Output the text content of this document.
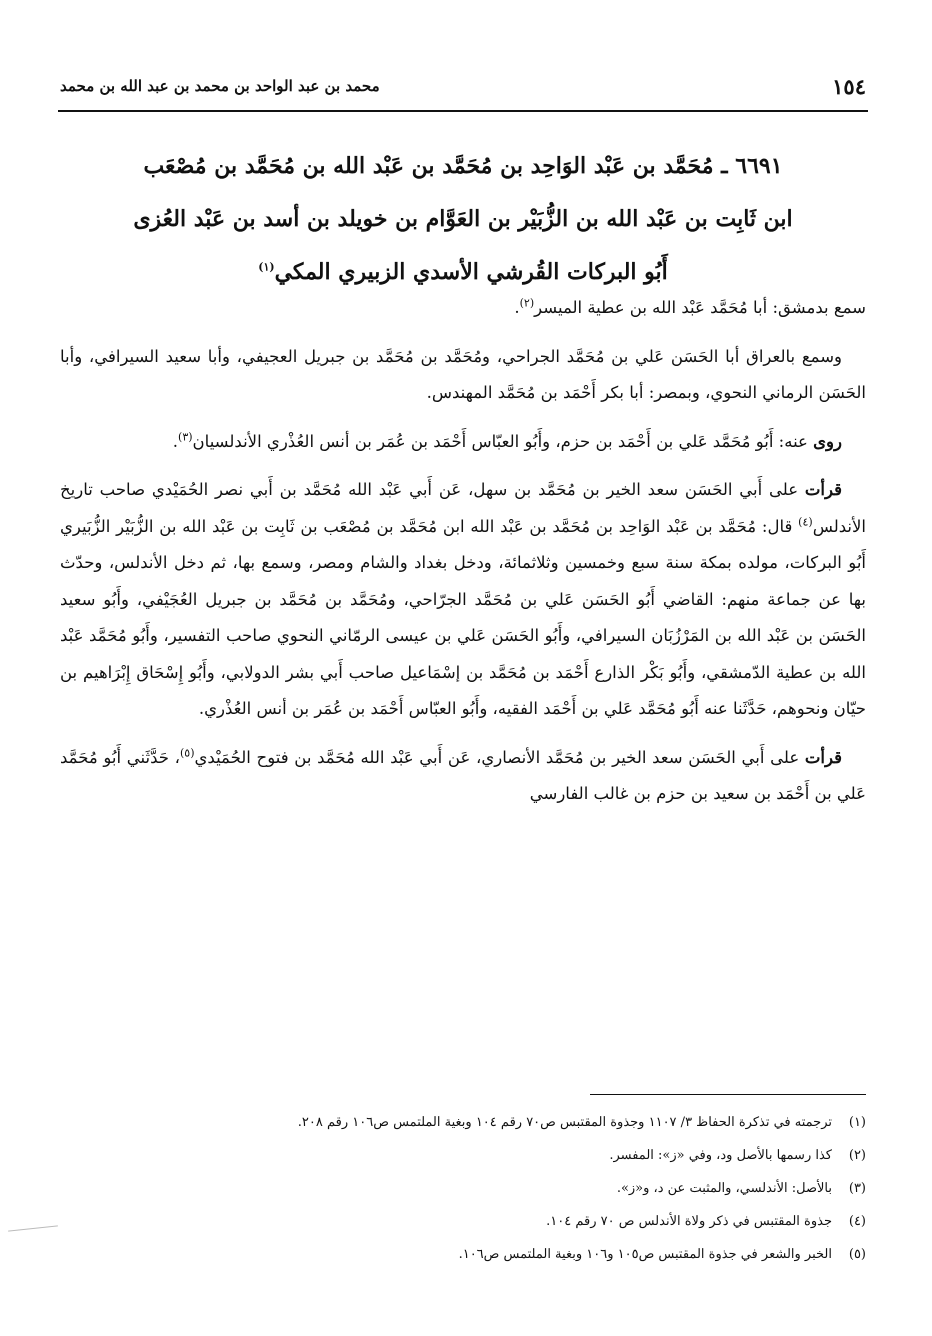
١٥٤
محمد بن عبد الواحد بن محمد بن عبد الله بن محمد
٦٦٩١ ـ مُحَمَّد بن عَبْد الوَاحِد بن مُحَمَّد بن عَبْد الله بن مُحَمَّد بن مُصْعَب
ابن ثَابِت بن عَبْد الله بن الزُّبَيْر بن العَوَّام بن خويلد بن أسد بن عَبْد العُزى
أَبُو البركات القُرشي الأسدي الزبيري المكي$^{(١)}$

سمع بدمشق: أبا مُحَمَّد عَبْد الله بن عطية الميسر$^{(٢)}$.

وسمع بالعراق أبا الحَسَن عَلي بن مُحَمَّد الجراحي، ومُحَمَّد بن مُحَمَّد بن جبريل العجيفي، وأبا سعيد السيرافي، وأبا الحَسَن الرماني النحوي، وبمصر: أبا بكر أَحْمَد بن مُحَمَّد المهندس.

روى عنه: أَبُو مُحَمَّد عَلي بن أَحْمَد بن حزم، وأَبُو العبّاس أَحْمَد بن عُمَر بن أنس العُذْري الأندلسيان$^{(٣)}$.

قرأت على أَبي الحَسَن سعد الخير بن مُحَمَّد بن سهل، عَن أَبي عَبْد الله مُحَمَّد بن أَبي نصر الحُمَيْدي صاحب تاريخ الأندلس$^{(٤)}$ قال: مُحَمَّد بن عَبْد الوَاحِد بن مُحَمَّد بن عَبْد الله ابن مُحَمَّد بن مُصْعَب بن ثَابِت بن عَبْد الله بن الزُّبَيْر الزُّبَيري أَبُو البركات، مولده بمكة سنة سبع وخمسين وثلاثمائة، ودخل بغداد والشام ومصر، وسمع بها، ثم دخل الأندلس، وحدّث بها عن جماعة منهم: القاضي أَبُو الحَسَن عَلي بن مُحَمَّد الجرّاحي، ومُحَمَّد بن مُحَمَّد بن جبريل العُجَيْفي، وأَبُو سعيد الحَسَن بن عَبْد الله بن المَرْزُبَان السيرافي، وأَبُو الحَسَن عَلي بن عيسى الرمّاني النحوي صاحب التفسير، وأَبُو مُحَمَّد عَبْد الله بن عطية الدّمشقي، وأَبُو بَكْر الذارع أَحْمَد بن مُحَمَّد بن إسْمَاعيل صاحب أَبي بشر الدولابي، وأَبُو إِسْحَاق إِبْرَاهيم بن حيّان ونحوهم، حَدَّثَنا عنه أَبُو مُحَمَّد عَلي بن أَحْمَد الفقيه، وأَبُو العبّاس أَحْمَد بن عُمَر بن أنس العُذْري.

قرأت على أَبي الحَسَن سعد الخير بن مُحَمَّد الأنصاري، عَن أَبي عَبْد الله مُحَمَّد بن فتوح الحُمَيْدي$^{(٥)}$، حَدَّثَني أَبُو مُحَمَّد عَلي بن أَحْمَد بن سعيد بن حزم بن غالب الفارسي

(١)
ترجمته في تذكرة الحفاظ ٣/ ١١٠٧ وجذوة المقتبس ص٧٠ رقم ١٠٤ وبغية الملتمس ص١٠٦ رقم ٢٠٨.
(٢)
كذا رسمها بالأصل ود، وفي «ز»: المفسر.
(٣)
بالأصل: الأندلسي، والمثبت عن د، و«ز».
(٤)
جذوة المقتبس في ذكر ولاة الأندلس ص ٧٠ رقم ١٠٤.
(٥)
الخبر والشعر في جذوة المقتبس ص١٠٥ و١٠٦ وبغية الملتمس ص١٠٦.
